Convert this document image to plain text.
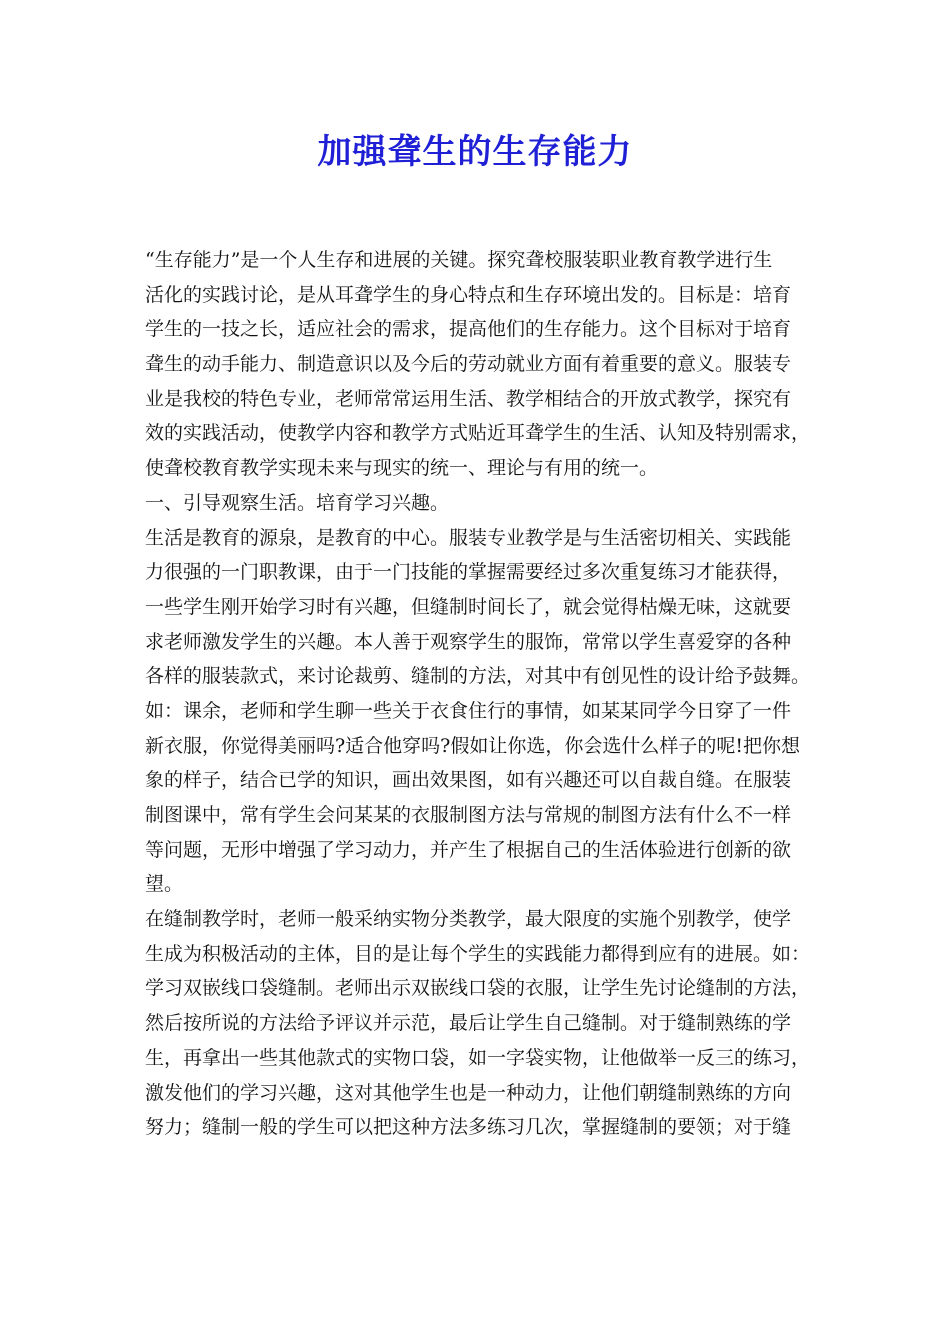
加强聋生的生存能力
“生存能力”是一个人生存和进展的关键。探究聋校服装职业教育教学进行生
活化的实践讨论，是从耳聋学生的身心特点和生存环境出发的。目标是：培育
学生的一技之长，适应社会的需求，提高他们的生存能力。这个目标对于培育
聋生的动手能力、制造意识以及今后的劳动就业方面有着重要的意义。服装专
业是我校的特色专业，老师常常运用生活、教学相结合的开放式教学，探究有
效的实践活动，使教学内容和教学方式贴近耳聋学生的生活、认知及特别需求，
使聋校教育教学实现未来与现实的统一、理论与有用的统一。
一、引导观察生活。培育学习兴趣。
生活是教育的源泉，是教育的中心。服装专业教学是与生活密切相关、实践能
力很强的一门职教课，由于一门技能的掌握需要经过多次重复练习才能获得，
一些学生刚开始学习时有兴趣，但缝制时间长了，就会觉得枯燥无味，这就要
求老师激发学生的兴趣。本人善于观察学生的服饰，常常以学生喜爱穿的各种
各样的服装款式，来讨论裁剪、缝制的方法，对其中有创见性的设计给予鼓舞。
如：课余，老师和学生聊一些关于衣食住行的事情，如某某同学今日穿了一件
新衣服，你觉得美丽吗?适合他穿吗?假如让你选，你会选什么样子的呢!把你想
象的样子，结合已学的知识，画出效果图，如有兴趣还可以自裁自缝。在服装
制图课中，常有学生会问某某的衣服制图方法与常规的制图方法有什么不一样
等问题，无形中增强了学习动力，并产生了根据自己的生活体验进行创新的欲
望。
在缝制教学时，老师一般采纳实物分类教学，最大限度的实施个别教学，使学
生成为积极活动的主体，目的是让每个学生的实践能力都得到应有的进展。如：
学习双嵌线口袋缝制。老师出示双嵌线口袋的衣服，让学生先讨论缝制的方法，
然后按所说的方法给予评议并示范，最后让学生自己缝制。对于缝制熟练的学
生，再拿出一些其他款式的实物口袋，如一字袋实物，让他做举一反三的练习，
激发他们的学习兴趣，这对其他学生也是一种动力，让他们朝缝制熟练的方向
努力；缝制一般的学生可以把这种方法多练习几次，掌握缝制的要领；对于缝
